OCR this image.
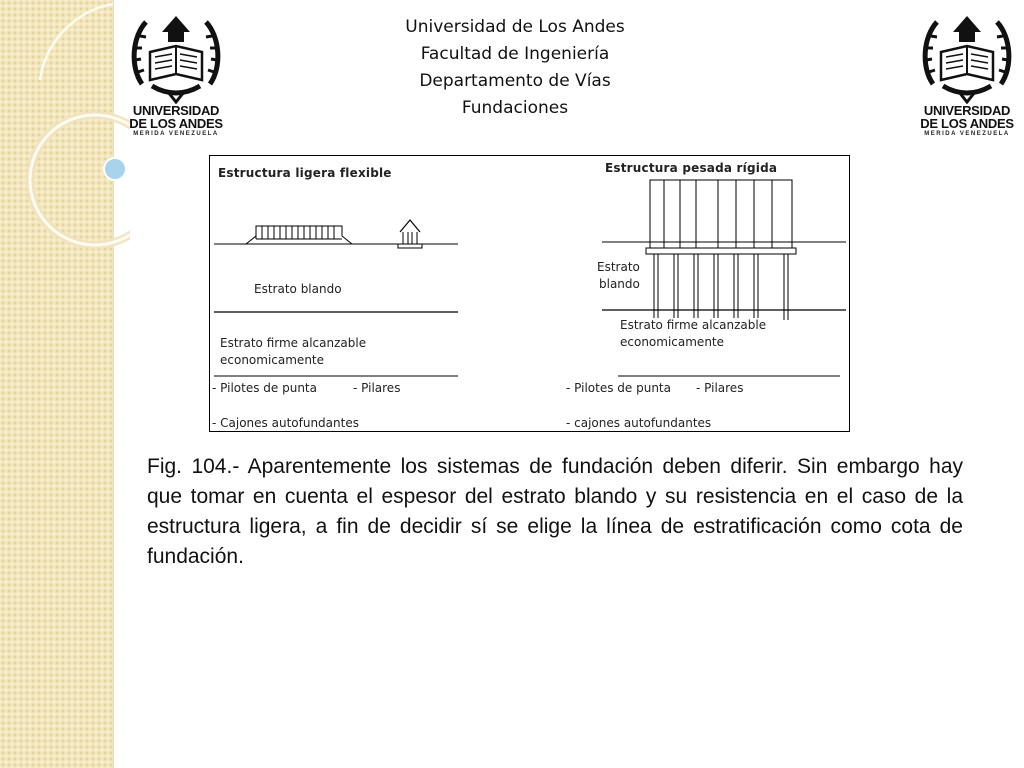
Universidad de Los Andes
Facultad de Ingeniería
Departamento de Vías
Fundaciones
UNIVERSIDAD
DE LOS ANDES
MERIDA VENEZUELA
UNIVERSIDAD
DE LOS ANDES
MERIDA VENEZUELA
Estructura ligera flexible
Estrato blando
Estrato firme alcanzable
economicamente
- Pilotes de punta	- Pilares
- Cajones autofundantes
Estructura pesada rígida
Estrato
blando
Estrato firme alcanzable
economicamente
- Pilotes de punta - Pilares
- cajones autofundantes
Fig. 104.- Aparentemente los sistemas de fundación deben diferir. Sin embargo hay que tomar en cuenta el espesor del estrato blando y su resistencia en el caso de la estructura ligera, a fin de decidir sí se elige la línea de estratificación como cota de fundación.
